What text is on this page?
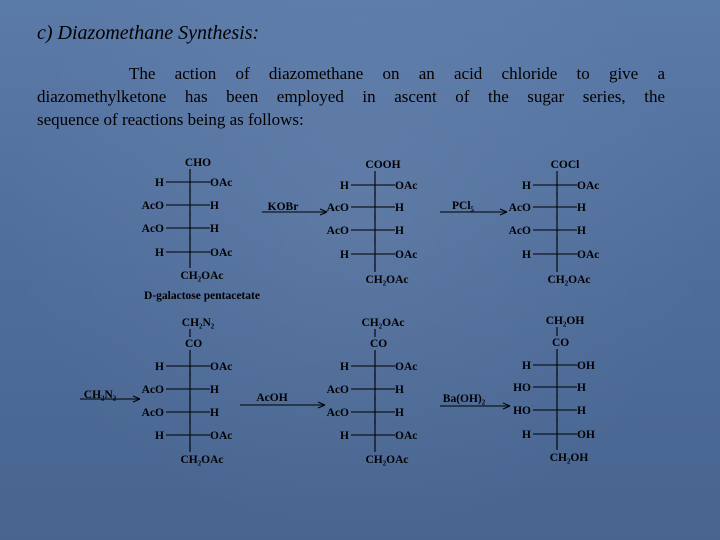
c) Diazomethane Synthesis:
The action of diazomethane on an acid chloride to give a
diazomethylketone has been employed in ascent of the sugar series, the
sequence of reactions being as follows:
CHO
H	OAc
AcO	H
AcO	H
H	OAc
CH₂OAc
D-galactose pentacetate
COOH
H	OAc
AcO	H
AcO	H
H	OAc
CH₂OAc
COCl
H	OAc
AcO	H
AcO	H
H	OAc
CH₂OAc
CH₂N₂
CO
H	OAc
AcO	H
AcO	H
H	OAc
CH₂OAc
CH₂OAc
CO
H	OAc
AcO	H
AcO	H
H	OAc
CH₂OAc
CH₂OH
CO
H	OH
HO	H
HO	H
H	OH
CH₂OH
KOBr	PCl₅
CH₂N₂	AcOH	Ba(OH)₂
